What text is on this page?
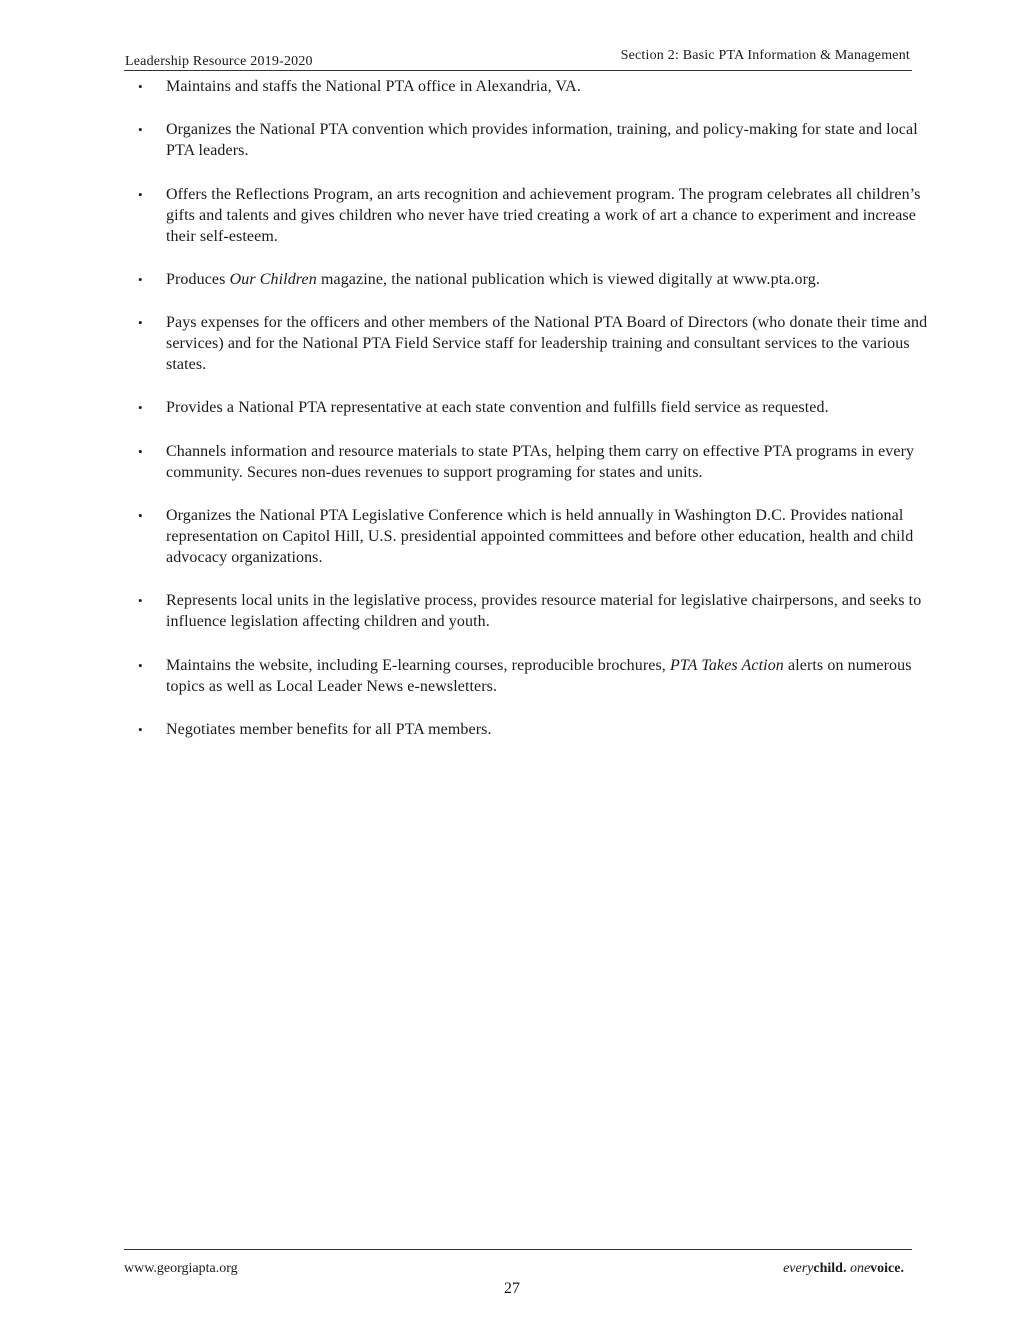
Leadership Resource 2019-2020	Section 2: Basic PTA Information & Management
• Maintains and staffs the National PTA office in Alexandria, VA.
• Organizes the National PTA convention which provides information, training, and policy-making for state and local PTA leaders.
• Offers the Reflections Program, an arts recognition and achievement program. The program celebrates all children’s gifts and talents and gives children who never have tried creating a work of art a chance to experiment and increase their self-esteem.
• Produces Our Children magazine, the national publication which is viewed digitally at www.pta.org.
• Pays expenses for the officers and other members of the National PTA Board of Directors (who donate their time and services) and for the National PTA Field Service staff for leadership training and consultant services to the various states.
• Provides a National PTA representative at each state convention and fulfills field service as requested.
• Channels information and resource materials to state PTAs, helping them carry on effective PTA programs in every community. Secures non-dues revenues to support programing for states and units.
• Organizes the National PTA Legislative Conference which is held annually in Washington D.C. Provides national representation on Capitol Hill, U.S. presidential appointed committees and before other education, health and child advocacy organizations.
• Represents local units in the legislative process, provides resource material for legislative chairpersons, and seeks to influence legislation affecting children and youth.
• Maintains the website, including E-learning courses, reproducible brochures, PTA Takes Action alerts on numerous topics as well as Local Leader News e-newsletters.
• Negotiates member benefits for all PTA members.
www.georgiapta.org	everychild. onevoice.
27
